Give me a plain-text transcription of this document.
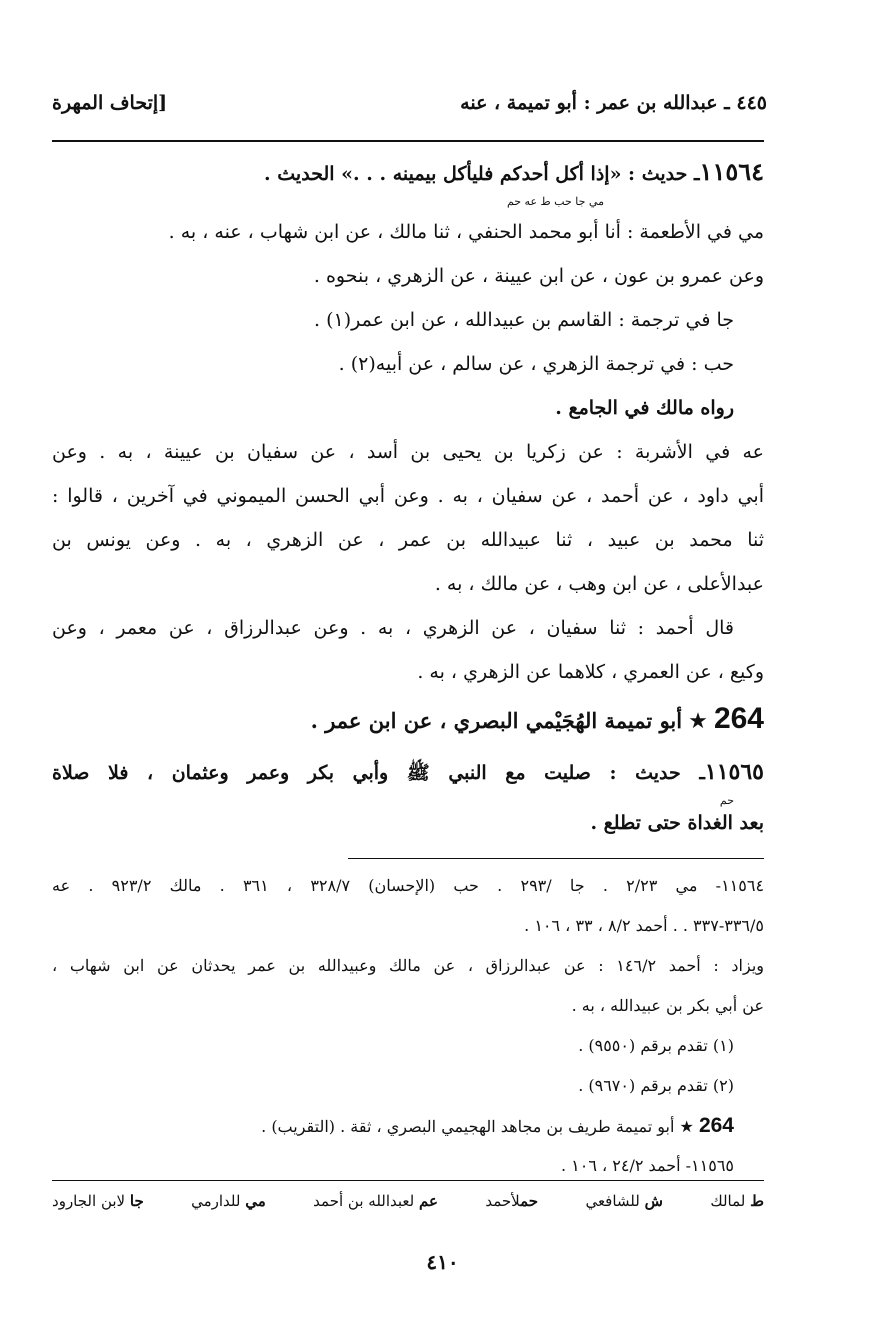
٤٤٥ ـ عبدالله بن عمر : أبو تميمة ، عنه
[إتحاف المهرة
١١٥٦٤ـ حديث : «إذا أكل أحدكم فليأكل بيمينه . . .» الحديث .
مي جا حب ط عه حم
مي في الأطعمة : أنا أبو محمد الحنفي ، ثنا مالك ، عن ابن شهاب ، عنه ، به .
وعن عمرو بن عون ، عن ابن عيينة ، عن الزهري ، بنحوه .
جا في ترجمة : القاسم بن عبيدالله ، عن ابن عمر(١) .
حب : في ترجمة الزهري ، عن سالم ، عن أبيه(٢) .
رواه مالك في الجامع .
عه في الأشربة : عن زكريا بن يحيى بن أسد ، عن سفيان بن عيينة ، به . وعن
أبي داود ، عن أحمد ، عن سفيان ، به . وعن أبي الحسن الميموني في آخرين ، قالوا :
ثنا محمد بن عبيد ، ثنا عبيدالله بن عمر ، عن الزهري ، به . وعن يونس بن
عبدالأعلى ، عن ابن وهب ، عن مالك ، به .
قال أحمد : ثنا سفيان ، عن الزهري ، به . وعن عبدالرزاق ، عن معمر ، وعن
وكيع ، عن العمري ، كلاهما عن الزهري ، به .
264 ★ أبو تميمة الهُجَيْمي البصري ، عن ابن عمر .
١١٥٦٥ـ حديث : صليت مع النبي ﷺ وأبي بكر وعمر وعثمان ، فلا صلاة
حم
بعد الغداة حتى تطلع .
١١٥٦٤- مي ٢/٢٣ . جا /٢٩٣ . حب (الإحسان) ٣٢٨/٧ ، ٣٦١ . مالك ٩٢٣/٢ . عه
٣٣٦/٥-٣٣٧ . . أحمد ٨/٢ ، ٣٣ ، ١٠٦ .
ويزاد : أحمد ١٤٦/٢ : عن عبدالرزاق ، عن مالك وعبيدالله بن عمر يحدثان عن ابن شهاب ،
عن أبي بكر بن عبيدالله ، به .
(١) تقدم برقم (٩٥٥٠) .
(٢) تقدم برقم (٩٦٧٠) .
264 ★ أبو تميمة طريف بن مجاهد الهجيمي البصري ، ثقة . (التقريب) .
١١٥٦٥- أحمد ٢٤/٢ ، ١٠٦ .
ط لمالك
ش للشافعي
حملأحمد
عم لعبدالله بن أحمد
مي للدارمي
جا لابن الجارود
٤١٠
